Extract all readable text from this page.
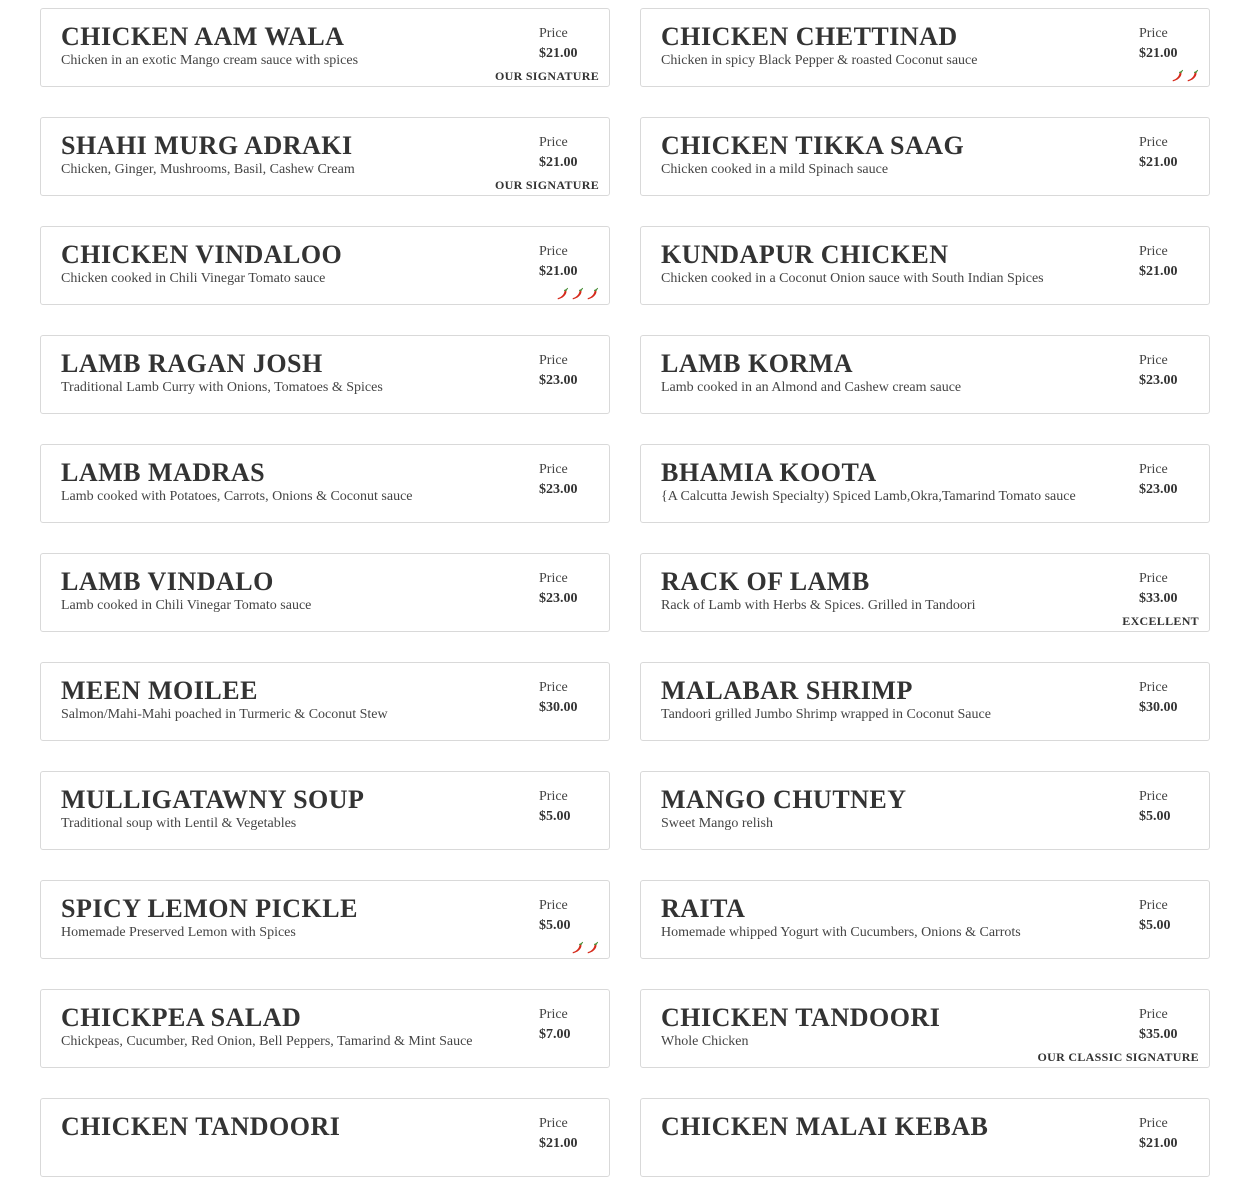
CHICKEN AAM WALA
Chicken in an exotic Mango cream sauce with spices
Price
$21.00
OUR SIGNATURE
CHICKEN CHETTINAD
Chicken in spicy Black Pepper & roasted Coconut sauce
Price
$21.00
SHAHI MURG ADRAKI
Chicken, Ginger, Mushrooms, Basil, Cashew Cream
Price
$21.00
OUR SIGNATURE
CHICKEN TIKKA SAAG
Chicken cooked in a mild Spinach sauce
Price
$21.00
CHICKEN VINDALOO
Chicken cooked in Chili Vinegar Tomato sauce
Price
$21.00
KUNDAPUR CHICKEN
Chicken cooked in a Coconut Onion sauce with South Indian Spices
Price
$21.00
LAMB RAGAN JOSH
Traditional Lamb Curry with Onions, Tomatoes & Spices
Price
$23.00
LAMB KORMA
Lamb cooked in an Almond and Cashew cream sauce
Price
$23.00
LAMB MADRAS
Lamb cooked with Potatoes, Carrots, Onions & Coconut sauce
Price
$23.00
BHAMIA KOOTA
{A Calcutta Jewish Specialty) Spiced Lamb,Okra,Tamarind Tomato sauce
Price
$23.00
LAMB VINDALO
Lamb cooked in Chili Vinegar Tomato sauce
Price
$23.00
RACK OF LAMB
Rack of Lamb with Herbs & Spices. Grilled in Tandoori
Price
$33.00
EXCELLENT
MEEN MOILEE
Salmon/Mahi-Mahi poached in Turmeric & Coconut Stew
Price
$30.00
MALABAR SHRIMP
Tandoori grilled Jumbo Shrimp wrapped in Coconut Sauce
Price
$30.00
MULLIGATAWNY SOUP
Traditional soup with Lentil & Vegetables
Price
$5.00
MANGO CHUTNEY
Sweet Mango relish
Price
$5.00
SPICY LEMON PICKLE
Homemade Preserved Lemon with Spices
Price
$5.00
RAITA
Homemade whipped Yogurt with Cucumbers, Onions & Carrots
Price
$5.00
CHICKPEA SALAD
Chickpeas, Cucumber, Red Onion, Bell Peppers, Tamarind & Mint Sauce
Price
$7.00
CHICKEN TANDOORI
Whole Chicken
Price
$35.00
OUR CLASSIC SIGNATURE
CHICKEN TANDOORI	Price
$21.00
CHICKEN MALAI KEBAB	Price
$21.00
